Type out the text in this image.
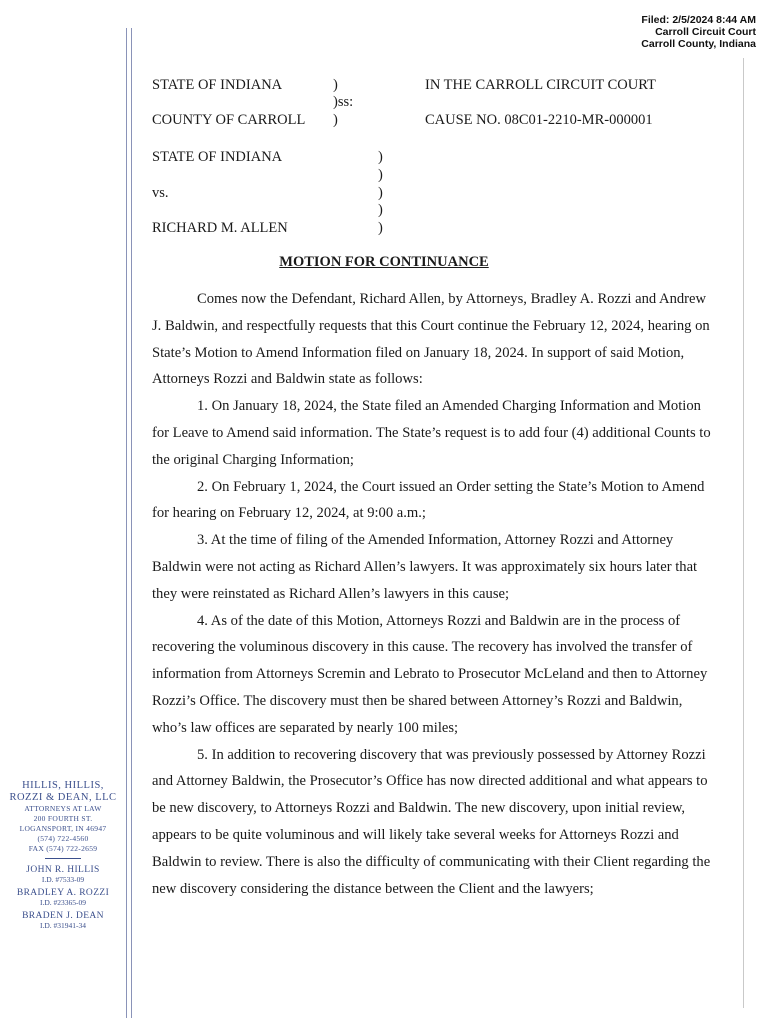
Filed: 2/5/2024 8:44 AM
Carroll Circuit Court
Carroll County, Indiana
STATE OF INDIANA
COUNTY OF CARROLL
)
)ss:
)
IN THE CARROLL CIRCUIT COURT
CAUSE NO. 08C01-2210-MR-000001
STATE OF INDIANA
vs.
RICHARD M. ALLEN
)
)
)
)
)
MOTION FOR CONTINUANCE

Comes now the Defendant, Richard Allen, by Attorneys, Bradley A. Rozzi and Andrew J. Baldwin, and respectfully requests that this Court continue the February 12, 2024, hearing on State’s Motion to Amend Information filed on January 18, 2024. In support of said Motion, Attorneys Rozzi and Baldwin state as follows:

1. On January 18, 2024, the State filed an Amended Charging Information and Motion for Leave to Amend said information. The State’s request is to add four (4) additional Counts to the original Charging Information;

2. On February 1, 2024, the Court issued an Order setting the State’s Motion to Amend for hearing on February 12, 2024, at 9:00 a.m.;

3. At the time of filing of the Amended Information, Attorney Rozzi and Attorney Baldwin were not acting as Richard Allen’s lawyers. It was approximately six hours later that they were reinstated as Richard Allen’s lawyers in this cause;

4. As of the date of this Motion, Attorneys Rozzi and Baldwin are in the process of recovering the voluminous discovery in this cause. The recovery has involved the transfer of information from Attorneys Scremin and Lebrato to Prosecutor McLeland and then to Attorney Rozzi’s Office. The discovery must then be shared between Attorney’s Rozzi and Baldwin, who’s law offices are separated by nearly 100 miles;

5. In addition to recovering discovery that was previously possessed by Attorney Rozzi and Attorney Baldwin, the Prosecutor’s Office has now directed additional and what appears to be new discovery, to Attorneys Rozzi and Baldwin. The new discovery, upon initial review, appears to be quite voluminous and will likely take several weeks for Attorneys Rozzi and Baldwin to review. There is also the difficulty of communicating with their Client regarding the new discovery considering the distance between the Client and the lawyers;

HILLIS, HILLIS,
ROZZI & DEAN, LLC
ATTORNEYS AT LAW
200 FOURTH ST.
LOGANSPORT, IN 46947
(574) 722-4560
FAX (574) 722-2659
JOHN R. HILLIS
I.D. #7533-09
BRADLEY A. ROZZI
I.D. #23365-09
BRADEN J. DEAN
I.D. #31941-34
